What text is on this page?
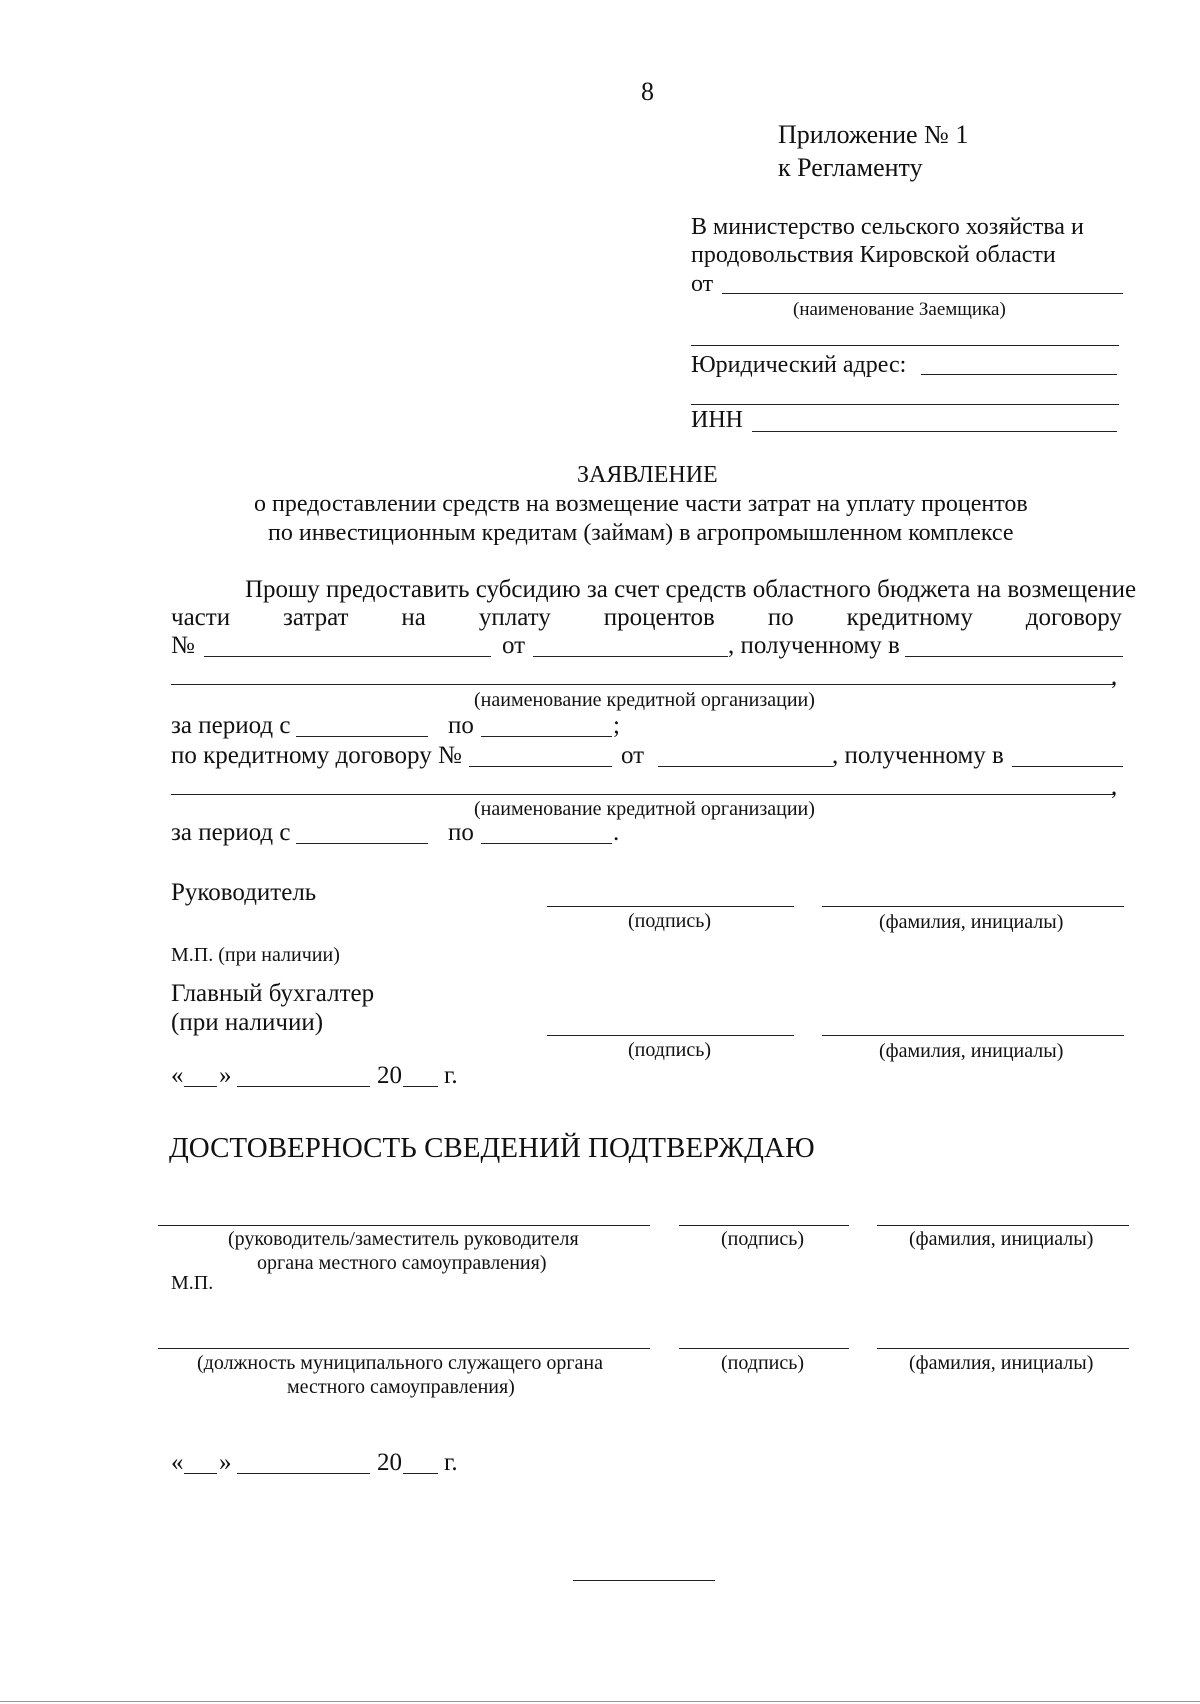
8
Приложение № 1
к Регламенту
В министерство сельского хозяйства и
продовольствия Кировской области
от
(наименование Заемщика)
Юридический адрес:
ИНН
ЗАЯВЛЕНИЕ
о предоставлении средств на возмещение части затрат на уплату процентов
по инвестиционным кредитам (займам) в агропромышленном комплексе
Прошу предоставить субсидию за счет средств областного бюджета на возмещение
части затрат на уплату процентов по кредитному договору
№	от	, полученному в
,
(наименование кредитной организации)
за период с	по	;
по кредитному договору №	от	, полученному в
,
(наименование кредитной организации)
за период с	по	.
Руководитель
(подпись)	(фамилия, инициалы)
М.П. (при наличии)
Главный бухгалтер
(при наличии)
(подпись)	(фамилия, инициалы)
« »	20 г.
ДОСТОВЕРНОСТЬ СВЕДЕНИЙ ПОДТВЕРЖДАЮ
(руководитель/заместитель руководителя
органа местного самоуправления)
(подпись)	(фамилия, инициалы)
М.П.
(должность муниципального служащего органа
местного самоуправления)
(подпись)	(фамилия, инициалы)
« »	20 г.
